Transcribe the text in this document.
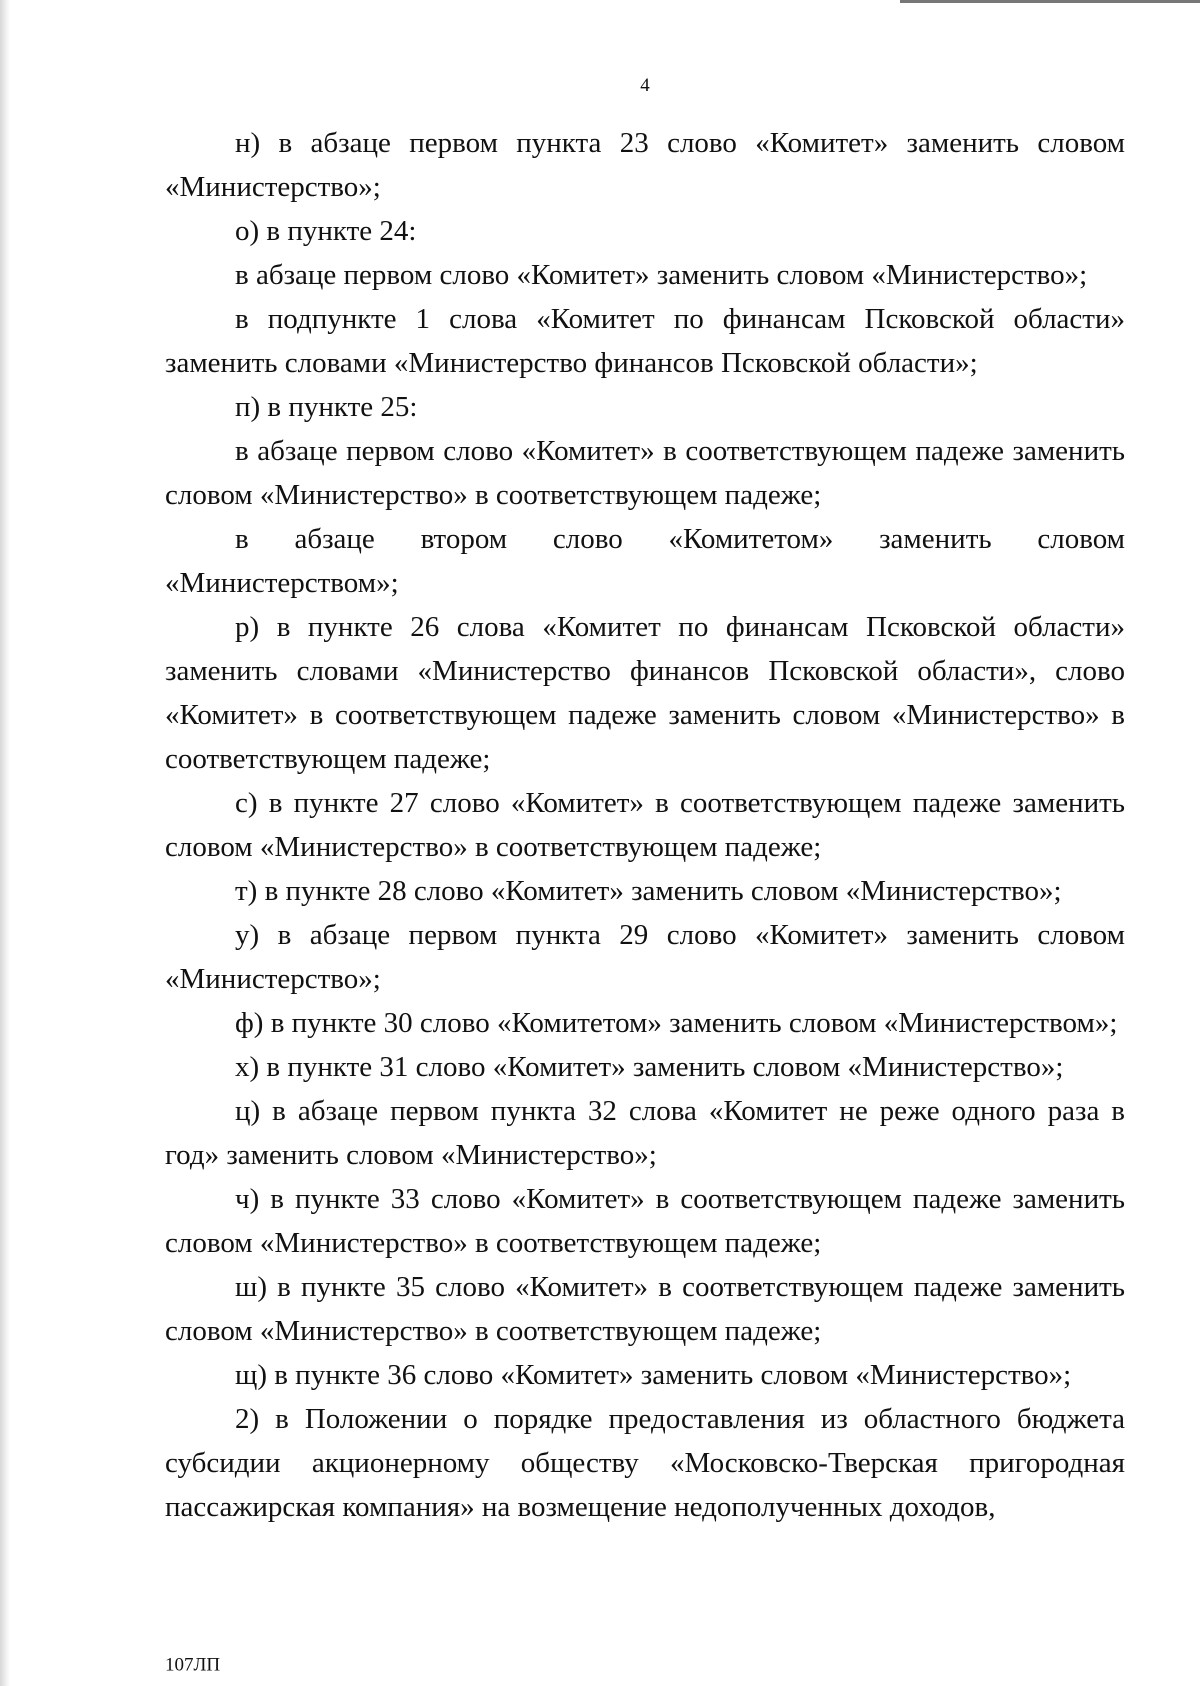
4

н) в абзаце первом пункта 23 слово «Комитет» заменить словом «Министерство»;

о) в пункте 24:

в абзаце первом слово «Комитет» заменить словом «Министерство»;

в подпункте 1 слова «Комитет по финансам Псковской области» заменить словами «Министерство финансов Псковской области»;

п) в пункте 25:

в абзаце первом слово «Комитет» в соответствующем падеже заменить словом «Министерство» в соответствующем падеже;

в абзаце втором слово «Комитетом» заменить словом «Министерством»;

р) в пункте 26 слова «Комитет по финансам Псковской области» заменить словами «Министерство финансов Псковской области», слово «Комитет» в соответствующем падеже заменить словом «Министерство» в соответствующем падеже;

с) в пункте 27 слово «Комитет» в соответствующем падеже заменить словом «Министерство» в соответствующем падеже;

т) в пункте 28 слово «Комитет» заменить словом «Министерство»;

у) в абзаце первом пункта 29 слово «Комитет» заменить словом «Министерство»;

ф) в пункте 30 слово «Комитетом» заменить словом «Министерством»;

х) в пункте 31 слово «Комитет» заменить словом «Министерство»;

ц) в абзаце первом пункта 32 слова «Комитет не реже одного раза в год» заменить словом «Министерство»;

ч) в пункте 33 слово «Комитет» в соответствующем падеже заменить словом «Министерство» в соответствующем падеже;

ш) в пункте 35 слово «Комитет» в соответствующем падеже заменить словом «Министерство» в соответствующем падеже;

щ) в пункте 36 слово «Комитет» заменить словом «Министерство»;

2) в Положении о порядке предоставления из областного бюджета субсидии акционерному обществу «Московско-Тверская пригородная пассажирская компания» на возмещение недополученных доходов,

107ЛП
